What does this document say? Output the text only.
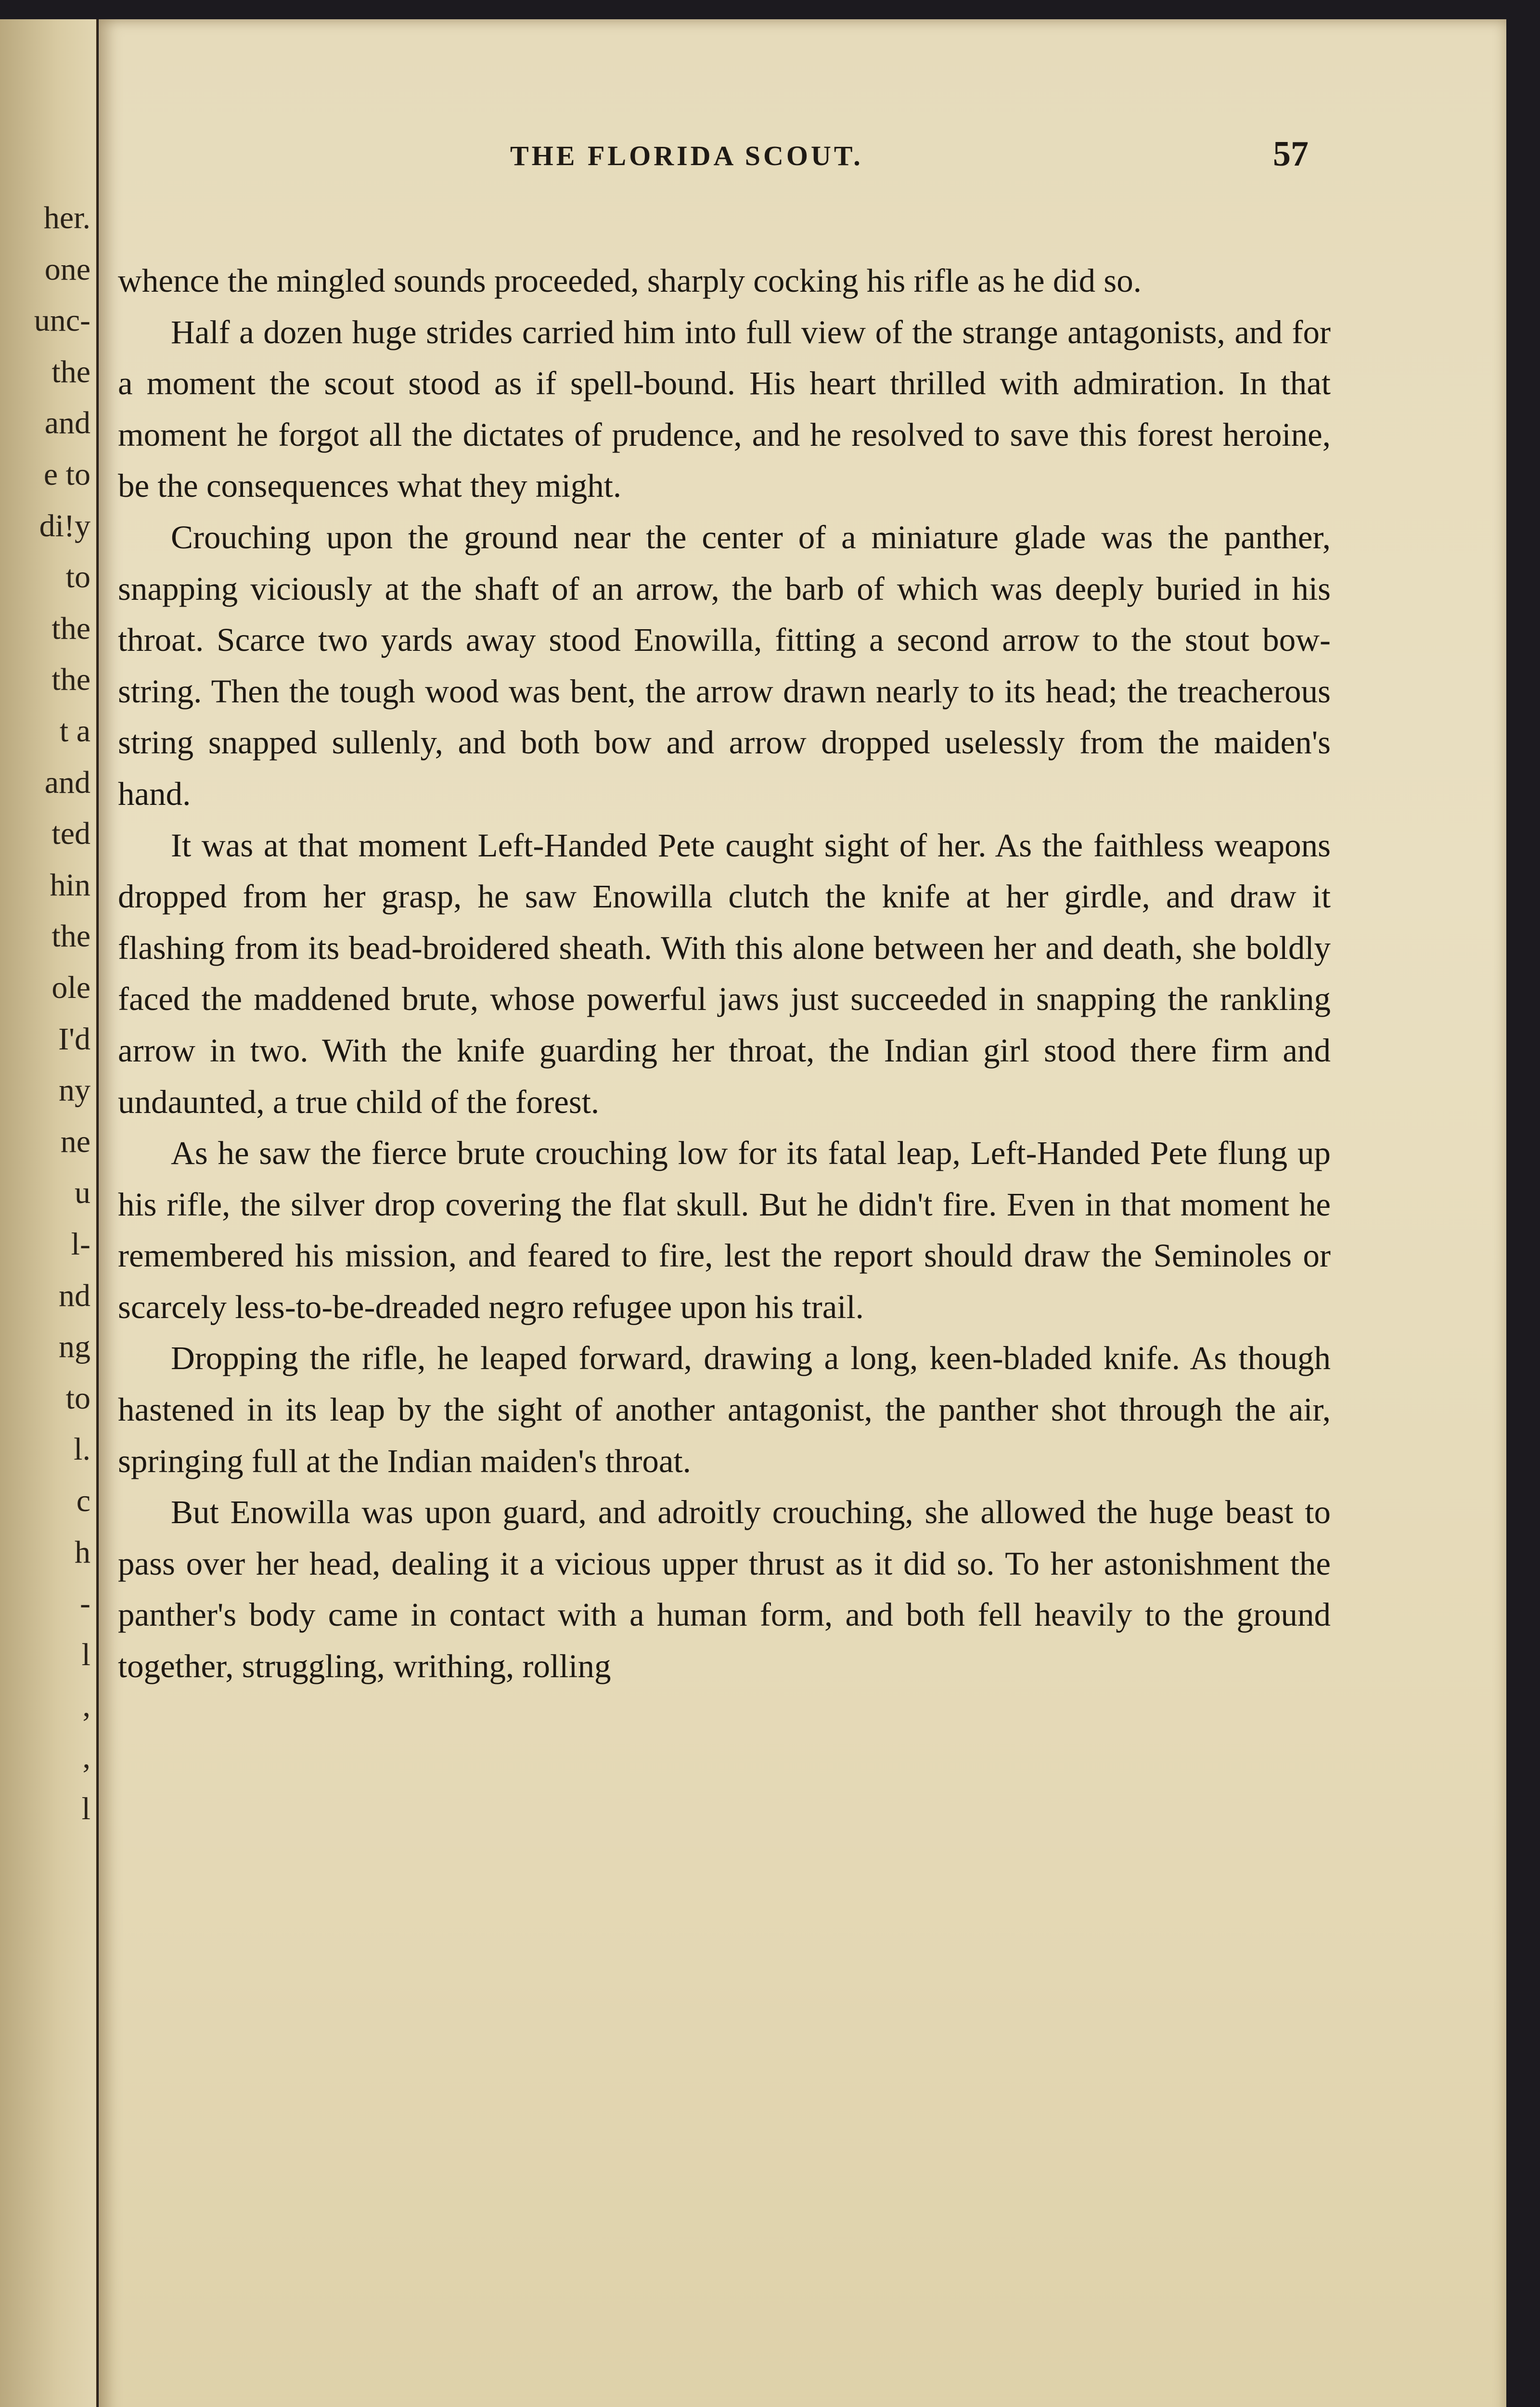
her.
one
unc-
the
and
e to
di!y
to
the
the
t a
and
ted
hin
the
ole
I'd
ny
ne
u
l-
nd
ng
to
l.
c
h
-
l
,
,
l
THE FLORIDA SCOUT.	57

whence the mingled sounds proceeded, sharply cocking his rifle as he did so.

Half a dozen huge strides carried him into full view of the strange antagonists, and for a moment the scout stood as if spell-bound. His heart thrilled with admiration. In that moment he forgot all the dictates of prudence, and he resolved to save this forest heroine, be the consequences what they might.

Crouching upon the ground near the center of a miniature glade was the panther, snapping viciously at the shaft of an arrow, the barb of which was deeply buried in his throat. Scarce two yards away stood Enowilla, fitting a second arrow to the stout bow-string. Then the tough wood was bent, the arrow drawn nearly to its head; the treacherous string snapped sullenly, and both bow and arrow dropped uselessly from the maiden's hand.

It was at that moment Left-Handed Pete caught sight of her. As the faithless weapons dropped from her grasp, he saw Enowilla clutch the knife at her girdle, and draw it flashing from its bead-broidered sheath. With this alone between her and death, she boldly faced the maddened brute, whose powerful jaws just succeeded in snapping the rankling arrow in two. With the knife guarding her throat, the Indian girl stood there firm and undaunted, a true child of the forest.

As he saw the fierce brute crouching low for its fatal leap, Left-Handed Pete flung up his rifle, the silver drop covering the flat skull. But he didn't fire. Even in that moment he remembered his mission, and feared to fire, lest the report should draw the Seminoles or scarcely less-to-be-dreaded negro refugee upon his trail.

Dropping the rifle, he leaped forward, drawing a long, keen-bladed knife. As though hastened in its leap by the sight of another antagonist, the panther shot through the air, springing full at the Indian maiden's throat.

But Enowilla was upon guard, and adroitly crouching, she allowed the huge beast to pass over her head, dealing it a vicious upper thrust as it did so. To her astonishment the panther's body came in contact with a human form, and both fell heavily to the ground together, struggling, writhing, rolling
